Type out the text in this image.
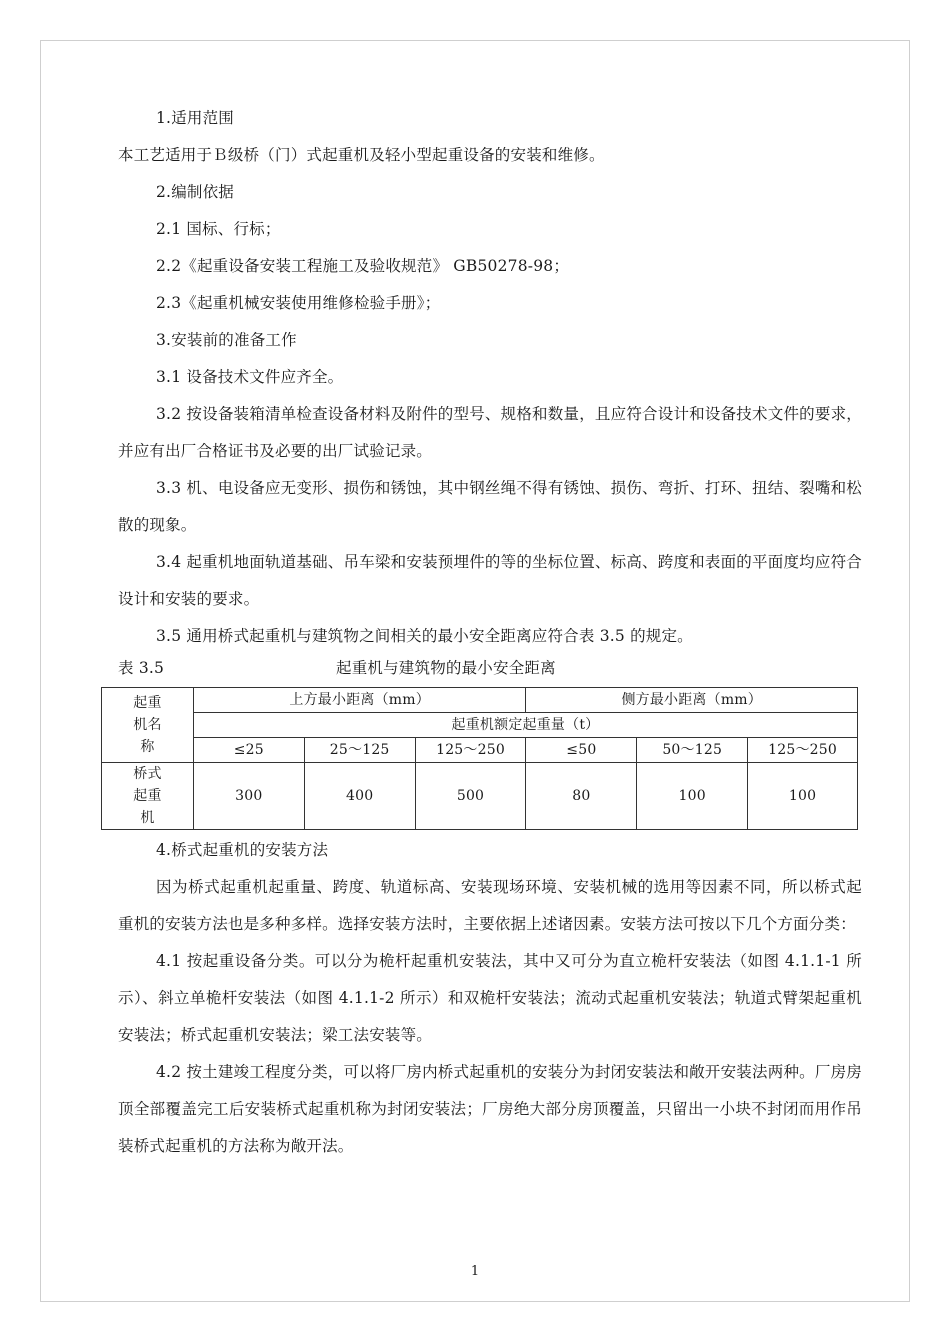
1.适用范围

本工艺适用于Ｂ级桥（门）式起重机及轻小型起重设备的安装和维修。

2.编制依据

2.1 国标、行标；

2.2《起重设备安装工程施工及验收规范》 GB50278-98；

2.3《起重机械安装使用维修检验手册》；

3.安装前的准备工作

3.1 设备技术文件应齐全。

3.2 按设备装箱清单检查设备材料及附件的型号、规格和数量，且应符合设计和设备技术文件的要求，并应有出厂合格证书及必要的出厂试验记录。

3.3 机、电设备应无变形、损伤和锈蚀，其中钢丝绳不得有锈蚀、损伤、弯折、打环、扭结、裂嘴和松散的现象。

3.4 起重机地面轨道基础、吊车梁和安装预埋件的等的坐标位置、标高、跨度和表面的平面度均应符合设计和安装的要求。

3.5 通用桥式起重机与建筑物之间相关的最小安全距离应符合表 3.5 的规定。

表 3.5	起重机与建筑物的最小安全距离
起重机名称	上方最小距离（mm）			侧方最小距离（mm）		
	起重机额定起重量（t）					
	≤25	25～125	125～250	≤50	50～125	125～250

桥式起重机	300	400	500	80	100	100

4.桥式起重机的安装方法

因为桥式起重机起重量、跨度、轨道标高、安装现场环境、安装机械的选用等因素不同，所以桥式起重机的安装方法也是多种多样。选择安装方法时，主要依据上述诸因素。安装方法可按以下几个方面分类：

4.1 按起重设备分类。可以分为桅杆起重机安装法，其中又可分为直立桅杆安装法（如图 4.1.1-1 所示）、斜立单桅杆安装法（如图 4.1.1-2 所示）和双桅杆安装法；流动式起重机安装法；轨道式臂架起重机安装法；桥式起重机安装法；梁工法安装等。

4.2 按土建竣工程度分类，可以将厂房内桥式起重机的安装分为封闭安装法和敞开安装法两种。厂房房顶全部覆盖完工后安装桥式起重机称为封闭安装法；厂房绝大部分房顶覆盖，只留出一小块不封闭而用作吊装桥式起重机的方法称为敞开法。

1
